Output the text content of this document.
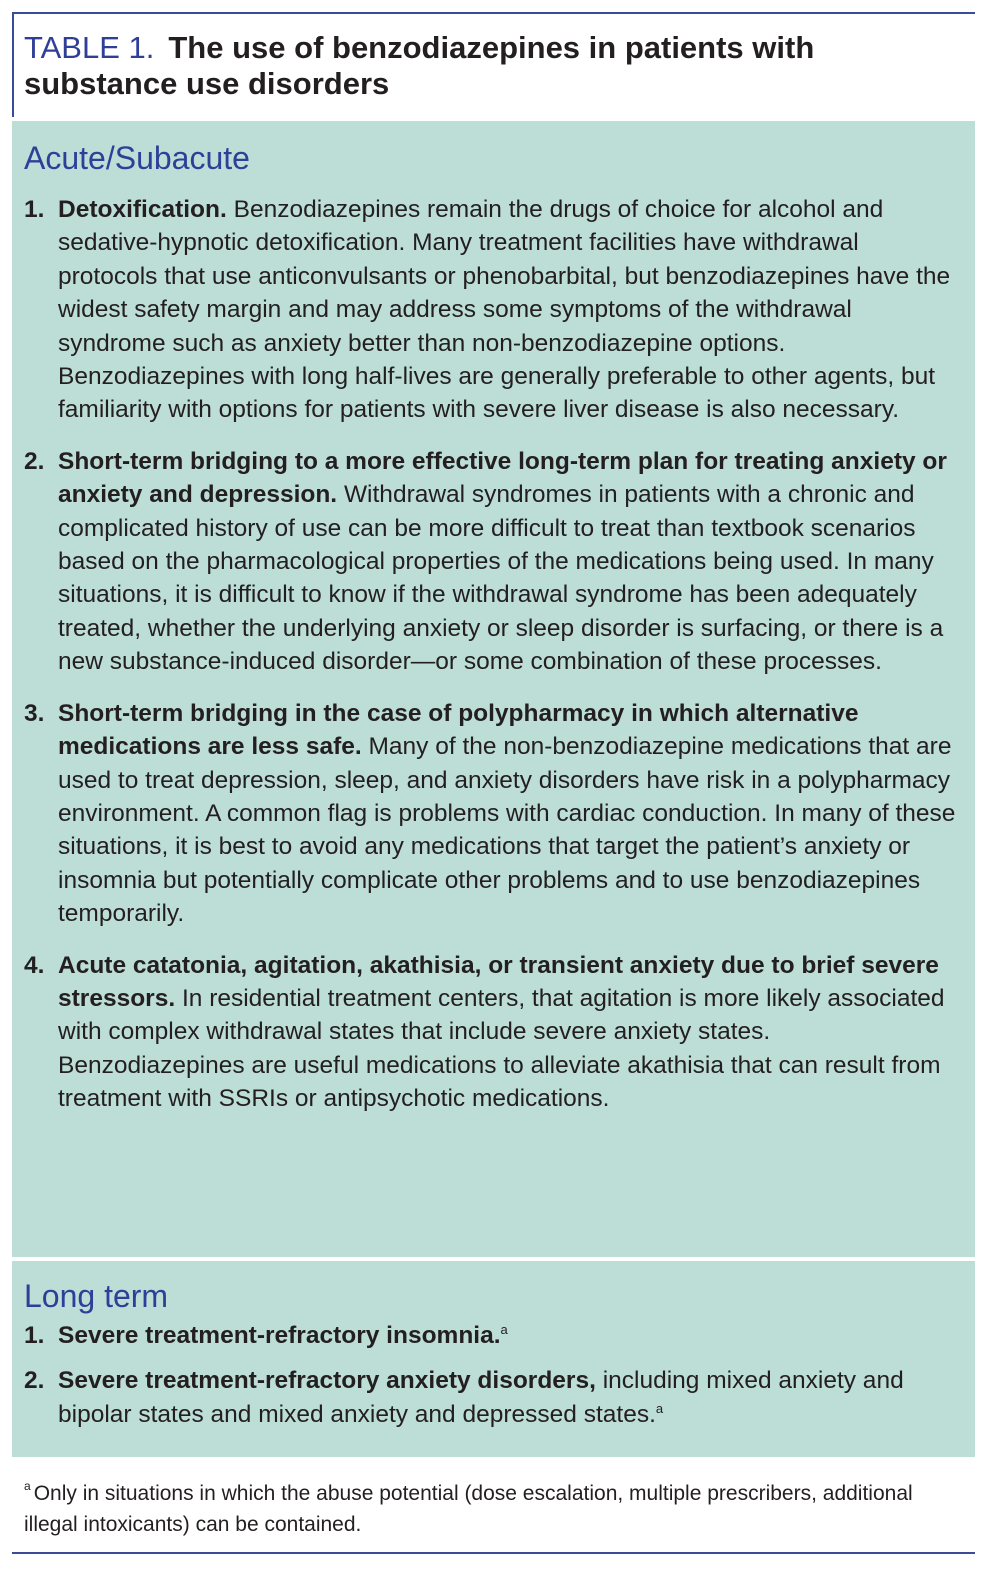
TABLE 1. The use of benzodiazepines in patients with substance use disorders
Acute/Subacute
1. Detoxification. Benzodiazepines remain the drugs of choice for alcohol and sedative-hypnotic detoxification. Many treatment facilities have withdrawal protocols that use anticonvulsants or phenobarbital, but benzodiazepines have the widest safety margin and may address some symptoms of the withdrawal syndrome such as anxiety better than non-benzodiazepine options. Benzodiazepines with long half-lives are generally preferable to other agents, but familiarity with options for patients with severe liver disease is also necessary.
2. Short-term bridging to a more effective long-term plan for treating anxiety or anxiety and depression. Withdrawal syndromes in patients with a chronic and complicated history of use can be more difficult to treat than textbook scenarios based on the pharmacological properties of the medications being used. In many situations, it is difficult to know if the withdrawal syndrome has been adequately treated, whether the underlying anxiety or sleep disorder is surfacing, or there is a new substance-induced disorder—or some combination of these processes.
3. Short-term bridging in the case of polypharmacy in which alternative medications are less safe. Many of the non-benzodiazepine medications that are used to treat depression, sleep, and anxiety disorders have risk in a polypharmacy environment. A common flag is problems with cardiac conduction. In many of these situations, it is best to avoid any medications that target the patient’s anxiety or insomnia but potentially complicate other problems and to use benzodiazepines temporarily.
4. Acute catatonia, agitation, akathisia, or transient anxiety due to brief severe stressors. In residential treatment centers, that agitation is more likely associated with complex withdrawal states that include severe anxiety states. Benzodiazepines are useful medications to alleviate akathisia that can result from treatment with SSRIs or antipsychotic medications.
Long term
1. Severe treatment-refractory insomnia.$^a$
2. Severe treatment-refractory anxiety disorders, including mixed anxiety and bipolar states and mixed anxiety and depressed states.$^a$
$^a$ Only in situations in which the abuse potential (dose escalation, multiple prescribers, additional illegal intoxicants) can be contained.
